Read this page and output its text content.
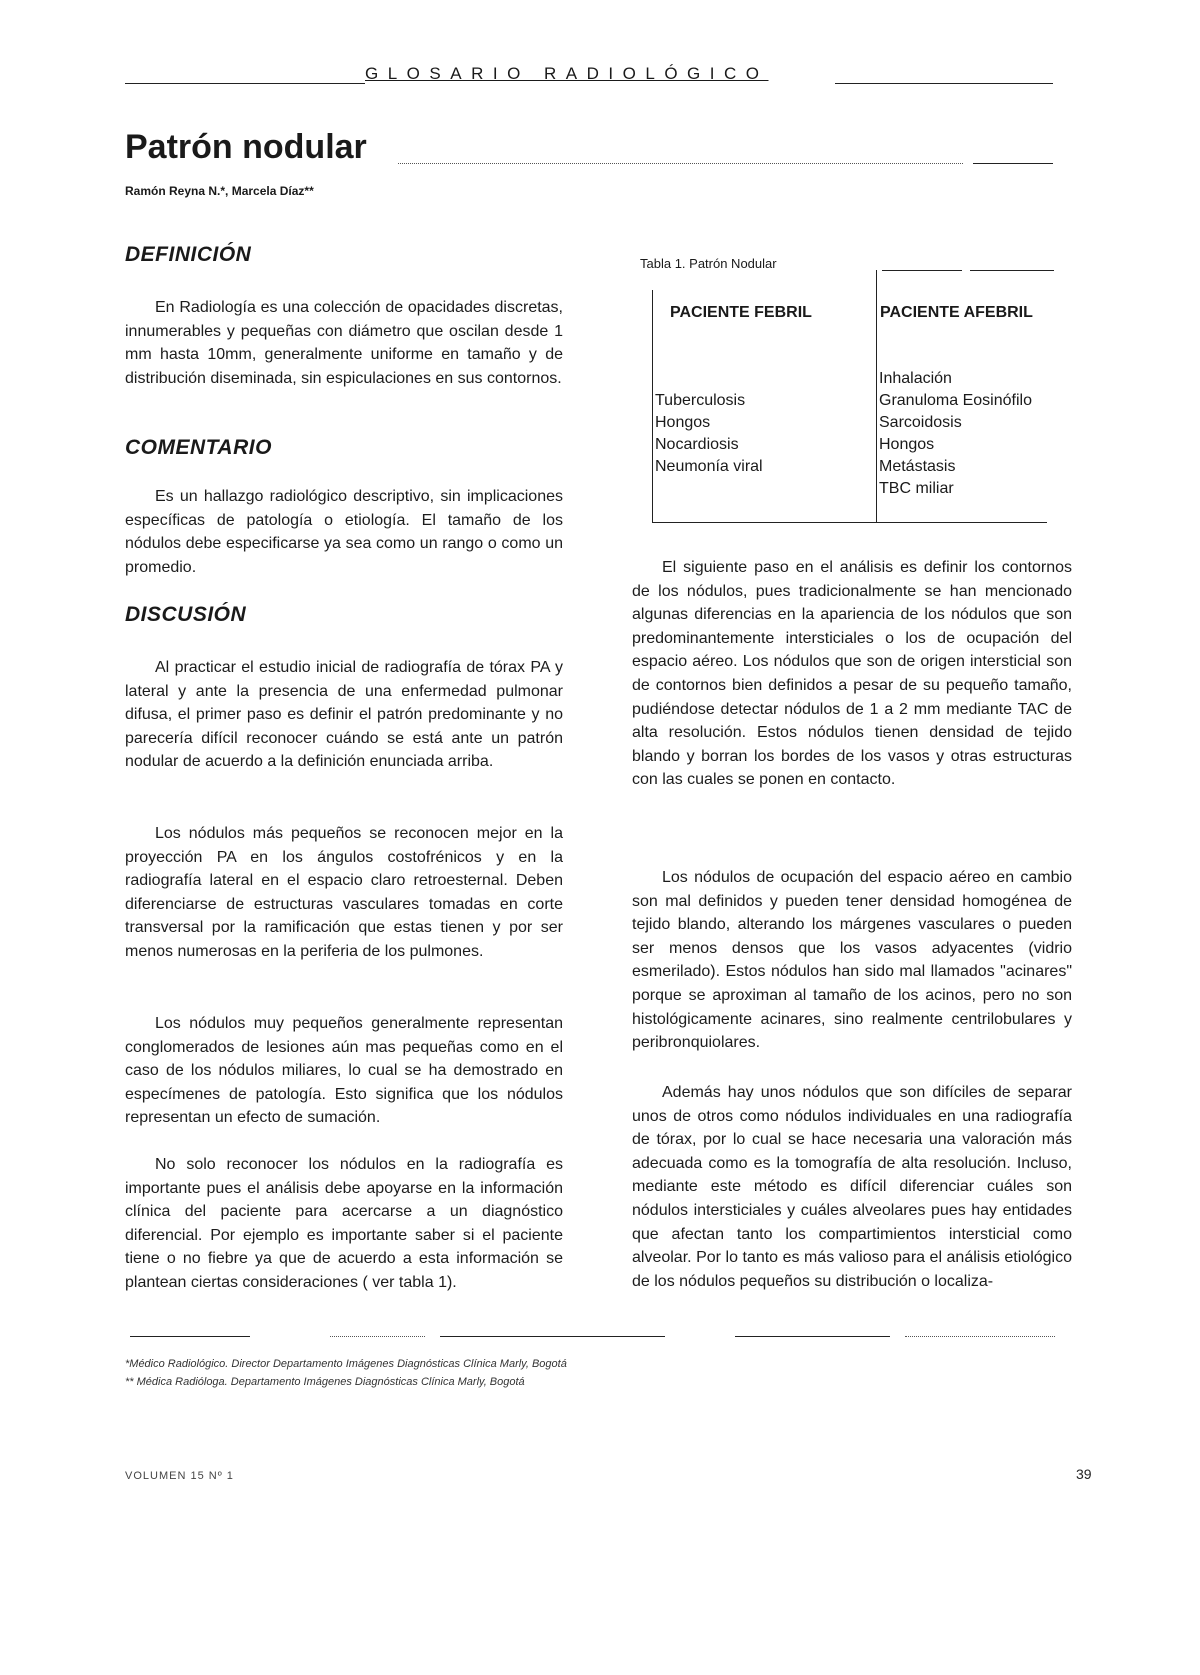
GLOSARIO RADIOLÓGICO
Patrón nodular
Ramón Reyna N.*, Marcela Díaz**
DEFINICIÓN

En Radiología es una colección de opacidades discretas, innumerables y pequeñas con diámetro que oscilan desde 1 mm hasta 10mm, generalmente uniforme en tamaño y de distribución diseminada, sin espiculaciones en sus contornos.

COMENTARIO

Es un hallazgo radiológico descriptivo, sin implicaciones específicas de patología o etiología. El tamaño de los nódulos debe especificarse ya sea como un rango o como un promedio.

DISCUSIÓN

Al practicar el estudio inicial de radiografía de tórax PA y lateral y ante la presencia de una enfermedad pulmonar difusa, el primer paso es definir el patrón predominante y no parecería difícil reconocer cuándo se está ante un patrón nodular de acuerdo a la definición enunciada arriba.

Los nódulos más pequeños se reconocen mejor en la proyección PA en los ángulos costofrénicos y en la radiografía lateral en el espacio claro retroesternal. Deben diferenciarse de estructuras vasculares tomadas en corte transversal por la ramificación que estas tienen y por ser menos numerosas en la periferia de los pulmones.

Los nódulos muy pequeños generalmente representan conglomerados de lesiones aún mas pequeñas como en el caso de los nódulos miliares, lo cual se ha demostrado en especímenes de patología. Esto significa que los nódulos representan un efecto de sumación.

No solo reconocer los nódulos en la radiografía es importante pues el análisis debe apoyarse en la información clínica del paciente para acercarse a un diagnóstico diferencial. Por ejemplo es importante saber si el paciente tiene o no fiebre ya que de acuerdo a esta información se plantean ciertas consideraciones ( ver tabla 1).

Tabla 1. Patrón Nodular
PACIENTE FEBRIL	PACIENTE AFEBRIL
Tuberculosis
Hongos
Nocardiosis
Neumonía viral
Inhalación
Granuloma Eosinófilo
Sarcoidosis
Hongos
Metástasis
TBC miliar

El siguiente paso en el análisis es definir los contornos de los nódulos, pues tradicionalmente se han mencionado algunas diferencias en la apariencia de los nódulos que son predominantemente intersticiales o los de ocupación del espacio aéreo. Los nódulos que son de origen intersticial son de contornos bien definidos a pesar de su pequeño tamaño, pudiéndose detectar nódulos de 1 a 2 mm mediante TAC de alta resolución. Estos nódulos tienen densidad de tejido blando y borran los bordes de los vasos y otras estructuras con las cuales se ponen en contacto.

Los nódulos de ocupación del espacio aéreo en cambio son mal definidos y pueden tener densidad homogénea de tejido blando, alterando los márgenes vasculares o pueden ser menos densos que los vasos adyacentes (vidrio esmerilado). Estos nódulos han sido mal llamados "acinares" porque se aproximan al tamaño de los acinos, pero no son histológicamente acinares, sino realmente centrilobulares y peribronquiolares.

Además hay unos nódulos que son difíciles de separar unos de otros como nódulos individuales en una radiografía de tórax, por lo cual se hace necesaria una valoración más adecuada como es la tomografía de alta resolución. Incluso, mediante este método es difícil diferenciar cuáles son nódulos intersticiales y cuáles alveolares pues hay entidades que afectan tanto los compartimientos intersticial como alveolar. Por lo tanto es más valioso para el análisis etiológico de los nódulos pequeños su distribución o localiza-

*Médico Radiológico. Director Departamento Imágenes Diagnósticas Clínica Marly, Bogotá
** Médica Radióloga. Departamento Imágenes Diagnósticas Clínica Marly, Bogotá
VOLUMEN 15 Nº 1	39
